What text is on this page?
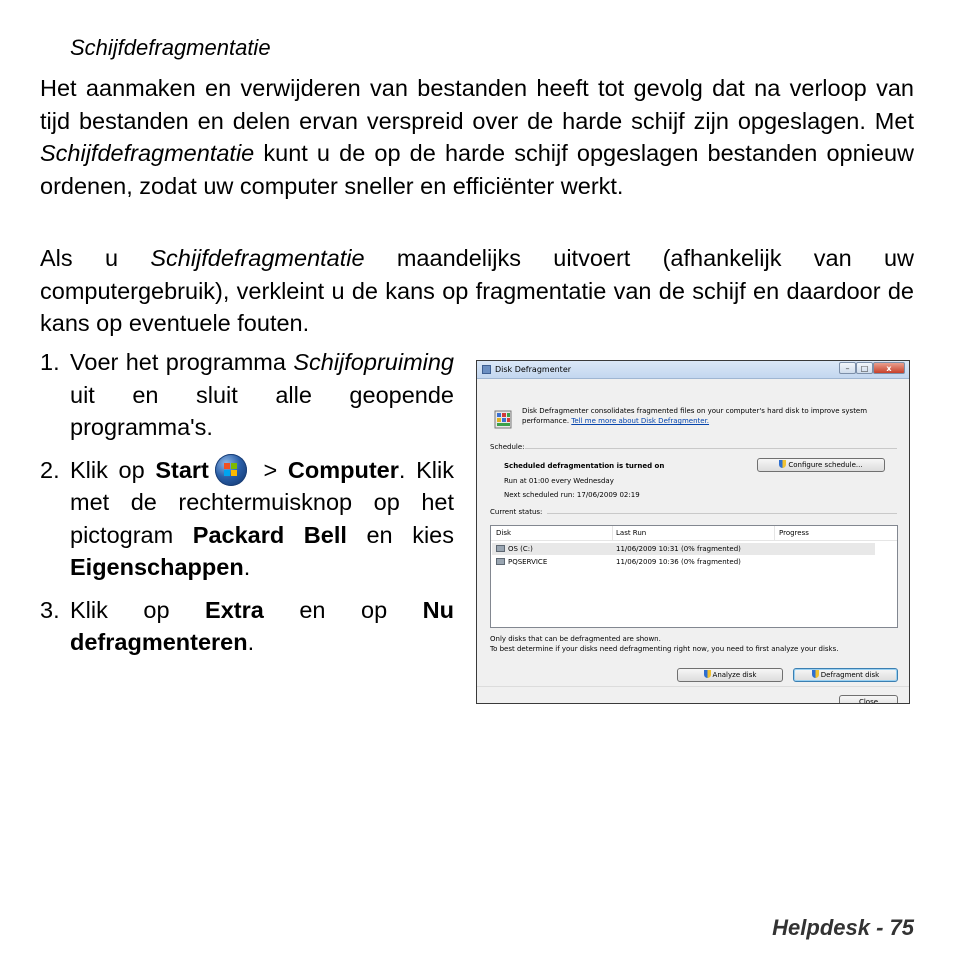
Schijfdefragmentatie

Het aanmaken en verwijderen van bestanden heeft tot gevolg dat na verloop van tijd bestanden en delen ervan verspreid over de harde schijf zijn opgeslagen. Met Schijfdefragmentatie kunt u de op de harde schijf opgeslagen bestanden opnieuw ordenen, zodat uw computer sneller en efficiënter werkt.

Als u Schijfdefragmentatie maandelijks uitvoert (afhankelijk van uw computergebruik), verkleint u de kans op fragmentatie van de schijf en daardoor de kans op eventuele fouten.

1. Voer het programma Schijfopruiming uit en sluit alle geopende programma's.
2. Klik op Start
> Computer. Klik met de rechtermuisknop op het pictogram Packard Bell en kies Eigenschappen.
3. Klik op Extra en op Nu defragmenteren.
Disk Defragmenter	–	□	x
Disk Defragmenter consolidates fragmented files on your computer's hard disk to improve system performance. Tell me more about Disk Defragmenter.
Schedule:
Scheduled defragmentation is turned on
Run at 01:00 every Wednesday
Next scheduled run: 17/06/2009 02:19
Configure schedule...
Current status:
Disk	Last Run	Progress
OS (C:)	11/06/2009 10:31 (0% fragmented)
PQSERVICE	11/06/2009 10:36 (0% fragmented)
Only disks that can be defragmented are shown.
To best determine if your disks need defragmenting right now, you need to first analyze your disks.
Analyze disk	Defragment disk
Close
Helpdesk - 75
